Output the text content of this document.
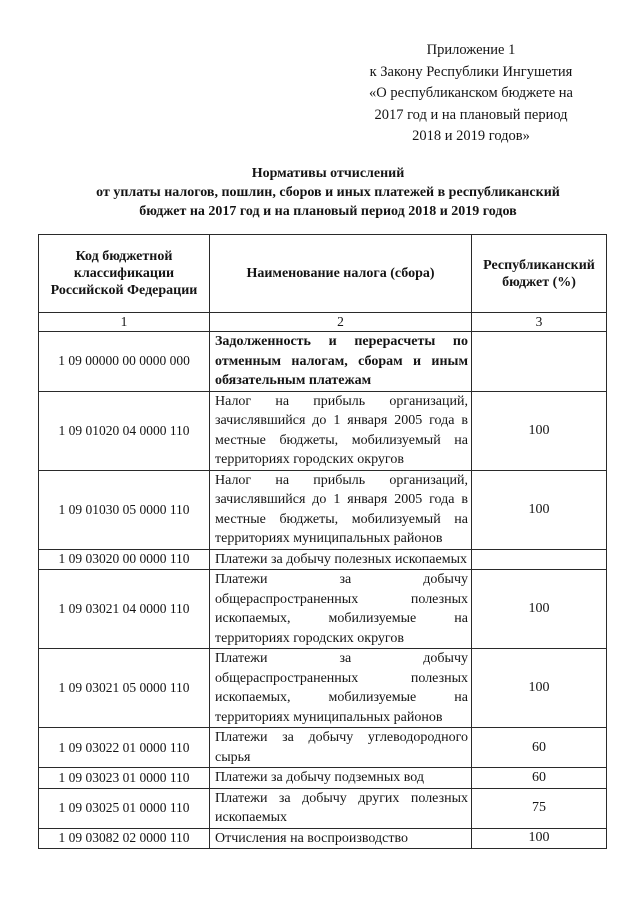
Приложение 1
к Закону Республики Ингушетия
«О республиканском бюджете на
2017 год и на плановый период
2018 и 2019 годов»
Нормативы отчислений
от уплаты налогов, пошлин, сборов и иных платежей в республиканский
бюджет на 2017 год и на плановый период 2018 и 2019 годов
Код бюджетной классификации Российской Федерации	Наименование налога (сбора)	Республиканский бюджет (%)
1	2	3
1 09 00000 00 0000 000	Задолженность и перерасчеты по отменным налогам, сборам и иным обязательным платежам	
1 09 01020 04 0000 110	Налог на прибыль организаций, зачислявшийся до 1 января 2005 года в местные бюджеты, мобилизуемый на территориях городских округов	100
1 09 01030 05 0000 110	Налог на прибыль организаций, зачислявшийся до 1 января 2005 года в местные бюджеты, мобилизуемый на территориях муниципальных районов	100
1 09 03020 00 0000 110	Платежи за добычу полезных ископаемых	
1 09 03021 04 0000 110	Платежи за добычу общераспространенных полезных ископаемых, мобилизуемые на территориях городских округов	100
1 09 03021 05 0000 110	Платежи за добычу общераспространенных полезных ископаемых, мобилизуемые на территориях муниципальных районов	100
1 09 03022 01 0000 110	Платежи за добычу углеводородного сырья	60
1 09 03023 01 0000 110	Платежи за добычу подземных вод	60
1 09 03025 01 0000 110	Платежи за добычу других полезных ископаемых	75
1 09 03082 02 0000 110	Отчисления на воспроизводство	100
